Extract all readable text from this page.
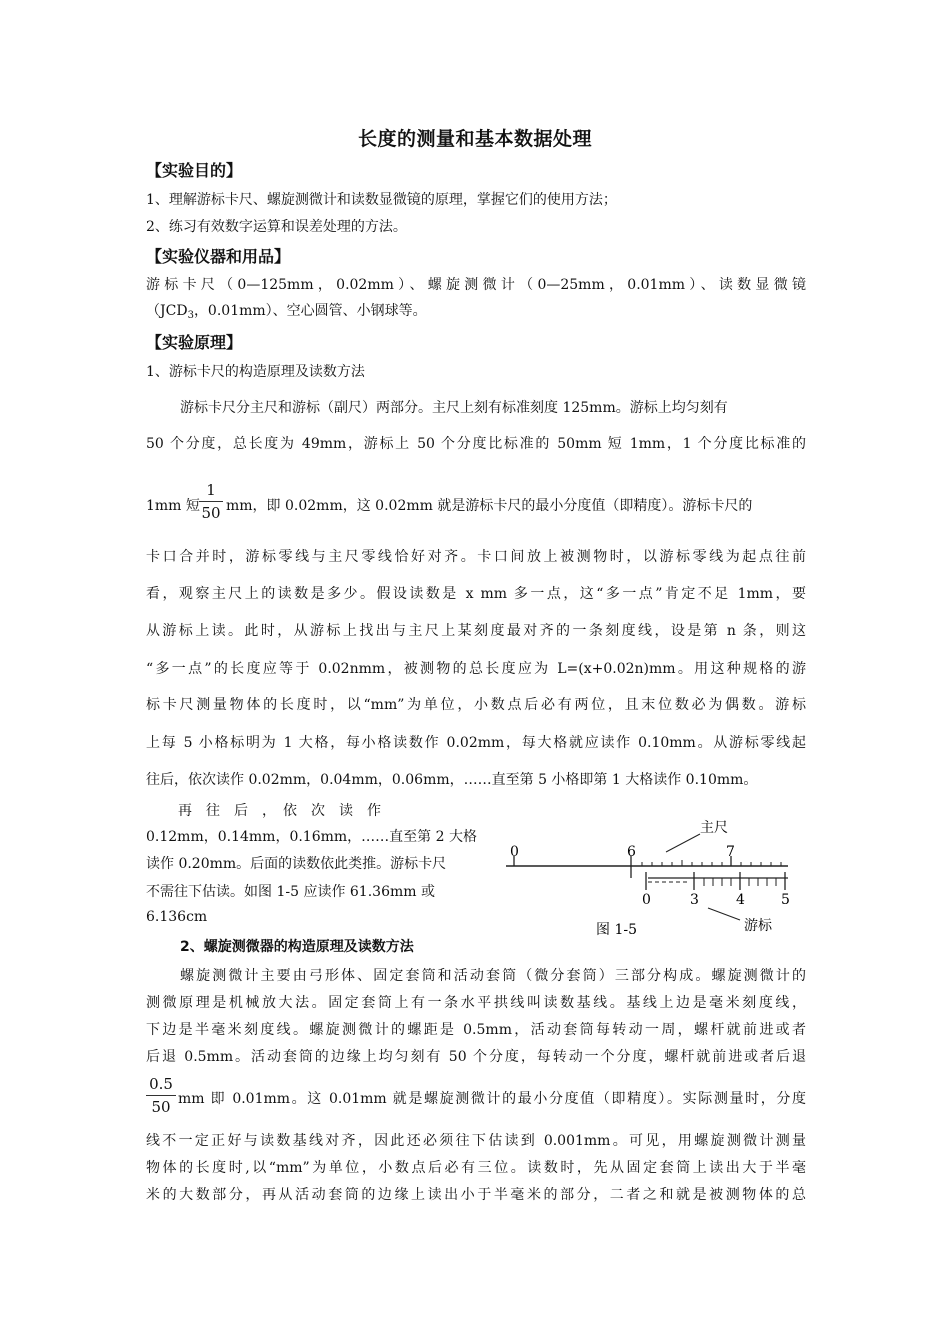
长度的测量和基本数据处理
【实验目的】
1、理解游标卡尺、螺旋测微计和读数显微镜的原理，掌握它们的使用方法；
2、练习有效数字运算和误差处理的方法。
【实验仪器和用品】
游标卡尺（0—125mm，0.02mm）、螺旋测微计（0—25mm，0.01mm）、读数显微镜
（$JCD_3$，0.01mm）、空心圆管、小钢球等。
【实验原理】
1、游标卡尺的构造原理及读数方法
游标卡尺分主尺和游标（副尺）两部分。主尺上刻有标准刻度 125mm。游标上均匀刻有
50 个分度，总长度为 49mm，游标上 50 个分度比标准的 50mm 短 1mm，1 个分度比标准的
1mm 短
1
50 mm，即 0.02mm，这 0.02mm 就是游标卡尺的最小分度值（即精度）。游标卡尺的
卡口合并时，游标零线与主尺零线恰好对齐。卡口间放上被测物时，以游标零线为起点往前
看，观察主尺上的读数是多少。假设读数是 x mm 多一点，这“多一点”肯定不足 1mm，要
从游标上读。此时，从游标上找出与主尺上某刻度最对齐的一条刻度线，设是第 n 条，则这
“多一点”的长度应等于 0.02nmm，被测物的总长度应为 L=(x+0.02n)mm。用这种规格的游
标卡尺测量物体的长度时，以“mm”为单位，小数点后必有两位，且末位数必为偶数。游标
上每 5 小格标明为 1 大格，每小格读数作 0.02mm，每大格就应读作 0.10mm。从游标零线起
往后，依次读作 0.02mm，0.04mm，0.06mm，……直至第 5 小格即第 1 大格读作 0.10mm。
再　往　后　，　依　次　读　作
0.12mm，0.14mm，0.16mm，……直至第 2 大格
读作 0.20mm。后面的读数依此类推。游标卡尺
不需往下估读。如图 1-5 应读作 61.36mm 或
6.136cm
0	6	7
主尺
0	3	4	5
游标
图 1-5
2、螺旋测微器的构造原理及读数方法
螺旋测微计主要由弓形体、固定套筒和活动套筒（微分套筒）三部分构成。螺旋测微计的
测微原理是机械放大法。固定套筒上有一条水平拱线叫读数基线。基线上边是毫米刻度线，
下边是半毫米刻度线。螺旋测微计的螺距是 0.5mm，活动套筒每转动一周，螺杆就前进或者
后退 0.5mm。活动套筒的边缘上均匀刻有 50 个分度，每转动一个分度，螺杆就前进或者后退
0.5
50 mm 即 0.01mm。这 0.01mm 就是螺旋测微计的最小分度值（即精度）。实际测量时，分度
线不一定正好与读数基线对齐，因此还必须往下估读到 0.001mm。可见，用螺旋测微计测量
物体的长度时,以“mm”为单位，小数点后必有三位。读数时，先从固定套筒上读出大于半毫
米的大数部分，再从活动套筒的边缘上读出小于半毫米的部分，二者之和就是被测物体的总
